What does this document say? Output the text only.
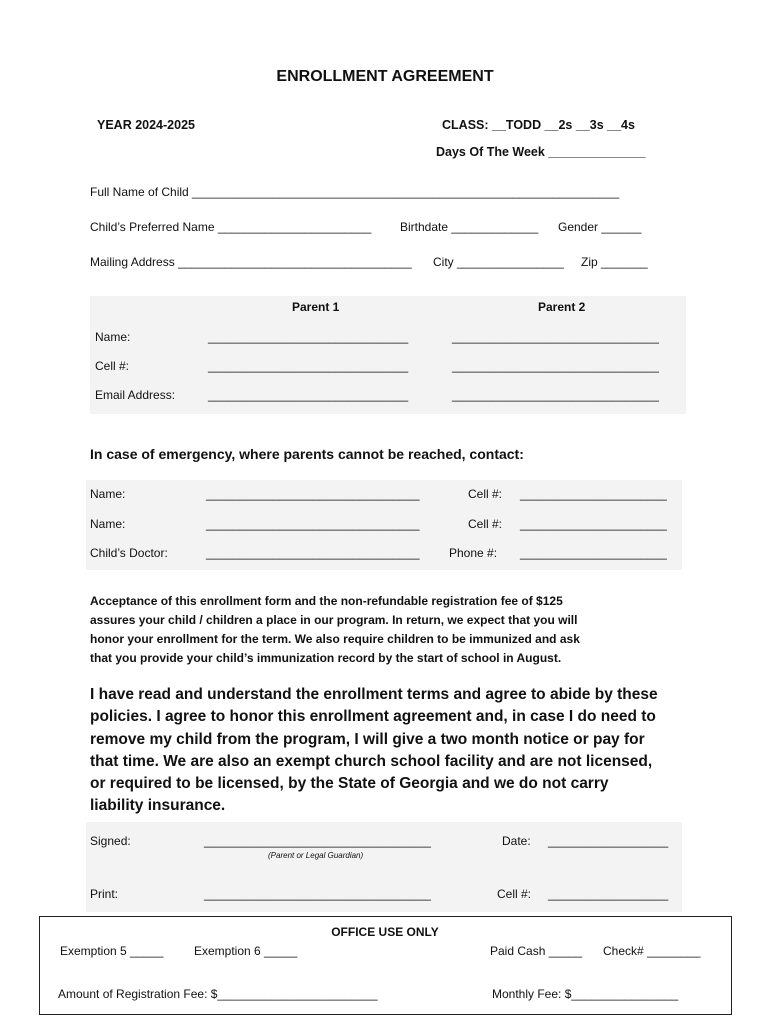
ENROLLMENT AGREEMENT
YEAR 2024-2025	CLASS: __TODD __2s __3s __4s
Days Of The Week ______________
Full Name of Child ________________________________________________________________
Child’s Preferred Name _______________________ Birthdate _____________ Gender ______
Mailing Address ___________________________________ City ________________ Zip _______
Parent 1	Parent 2
Name:	______________________________	_______________________________
Cell #:	______________________________	_______________________________
Email Address:	______________________________	_______________________________
In case of emergency, where parents cannot be reached, contact:
Name:	________________________________	Cell #: ______________________
Name:	________________________________	Cell #: ______________________
Child’s Doctor:	________________________________ Phone #: ______________________
Acceptance of this enrollment form and the non-refundable registration fee of $125
assures your child / children a place in our program. In return, we expect that you will
honor your enrollment for the term. We also require children to be immunized and ask
that you provide your child’s immunization record by the start of school in August.
I have read and understand the enrollment terms and agree to abide by these
policies. I agree to honor this enrollment agreement and, in case I do need to
remove my child from the program, I will give a two month notice or pay for
that time. We are also an exempt church school facility and are not licensed,
or required to be licensed, by the State of Georgia and we do not carry
liability insurance.
Signed:	__________________________________
(Parent or Legal Guardian)
Date: __________________
Print:	__________________________________	Cell #: __________________
OFFICE USE ONLY
Exemption 5 _____	Exemption 6 _____	Paid Cash _____ Check# ________
Amount of Registration Fee: $________________________	Monthly Fee: $________________
